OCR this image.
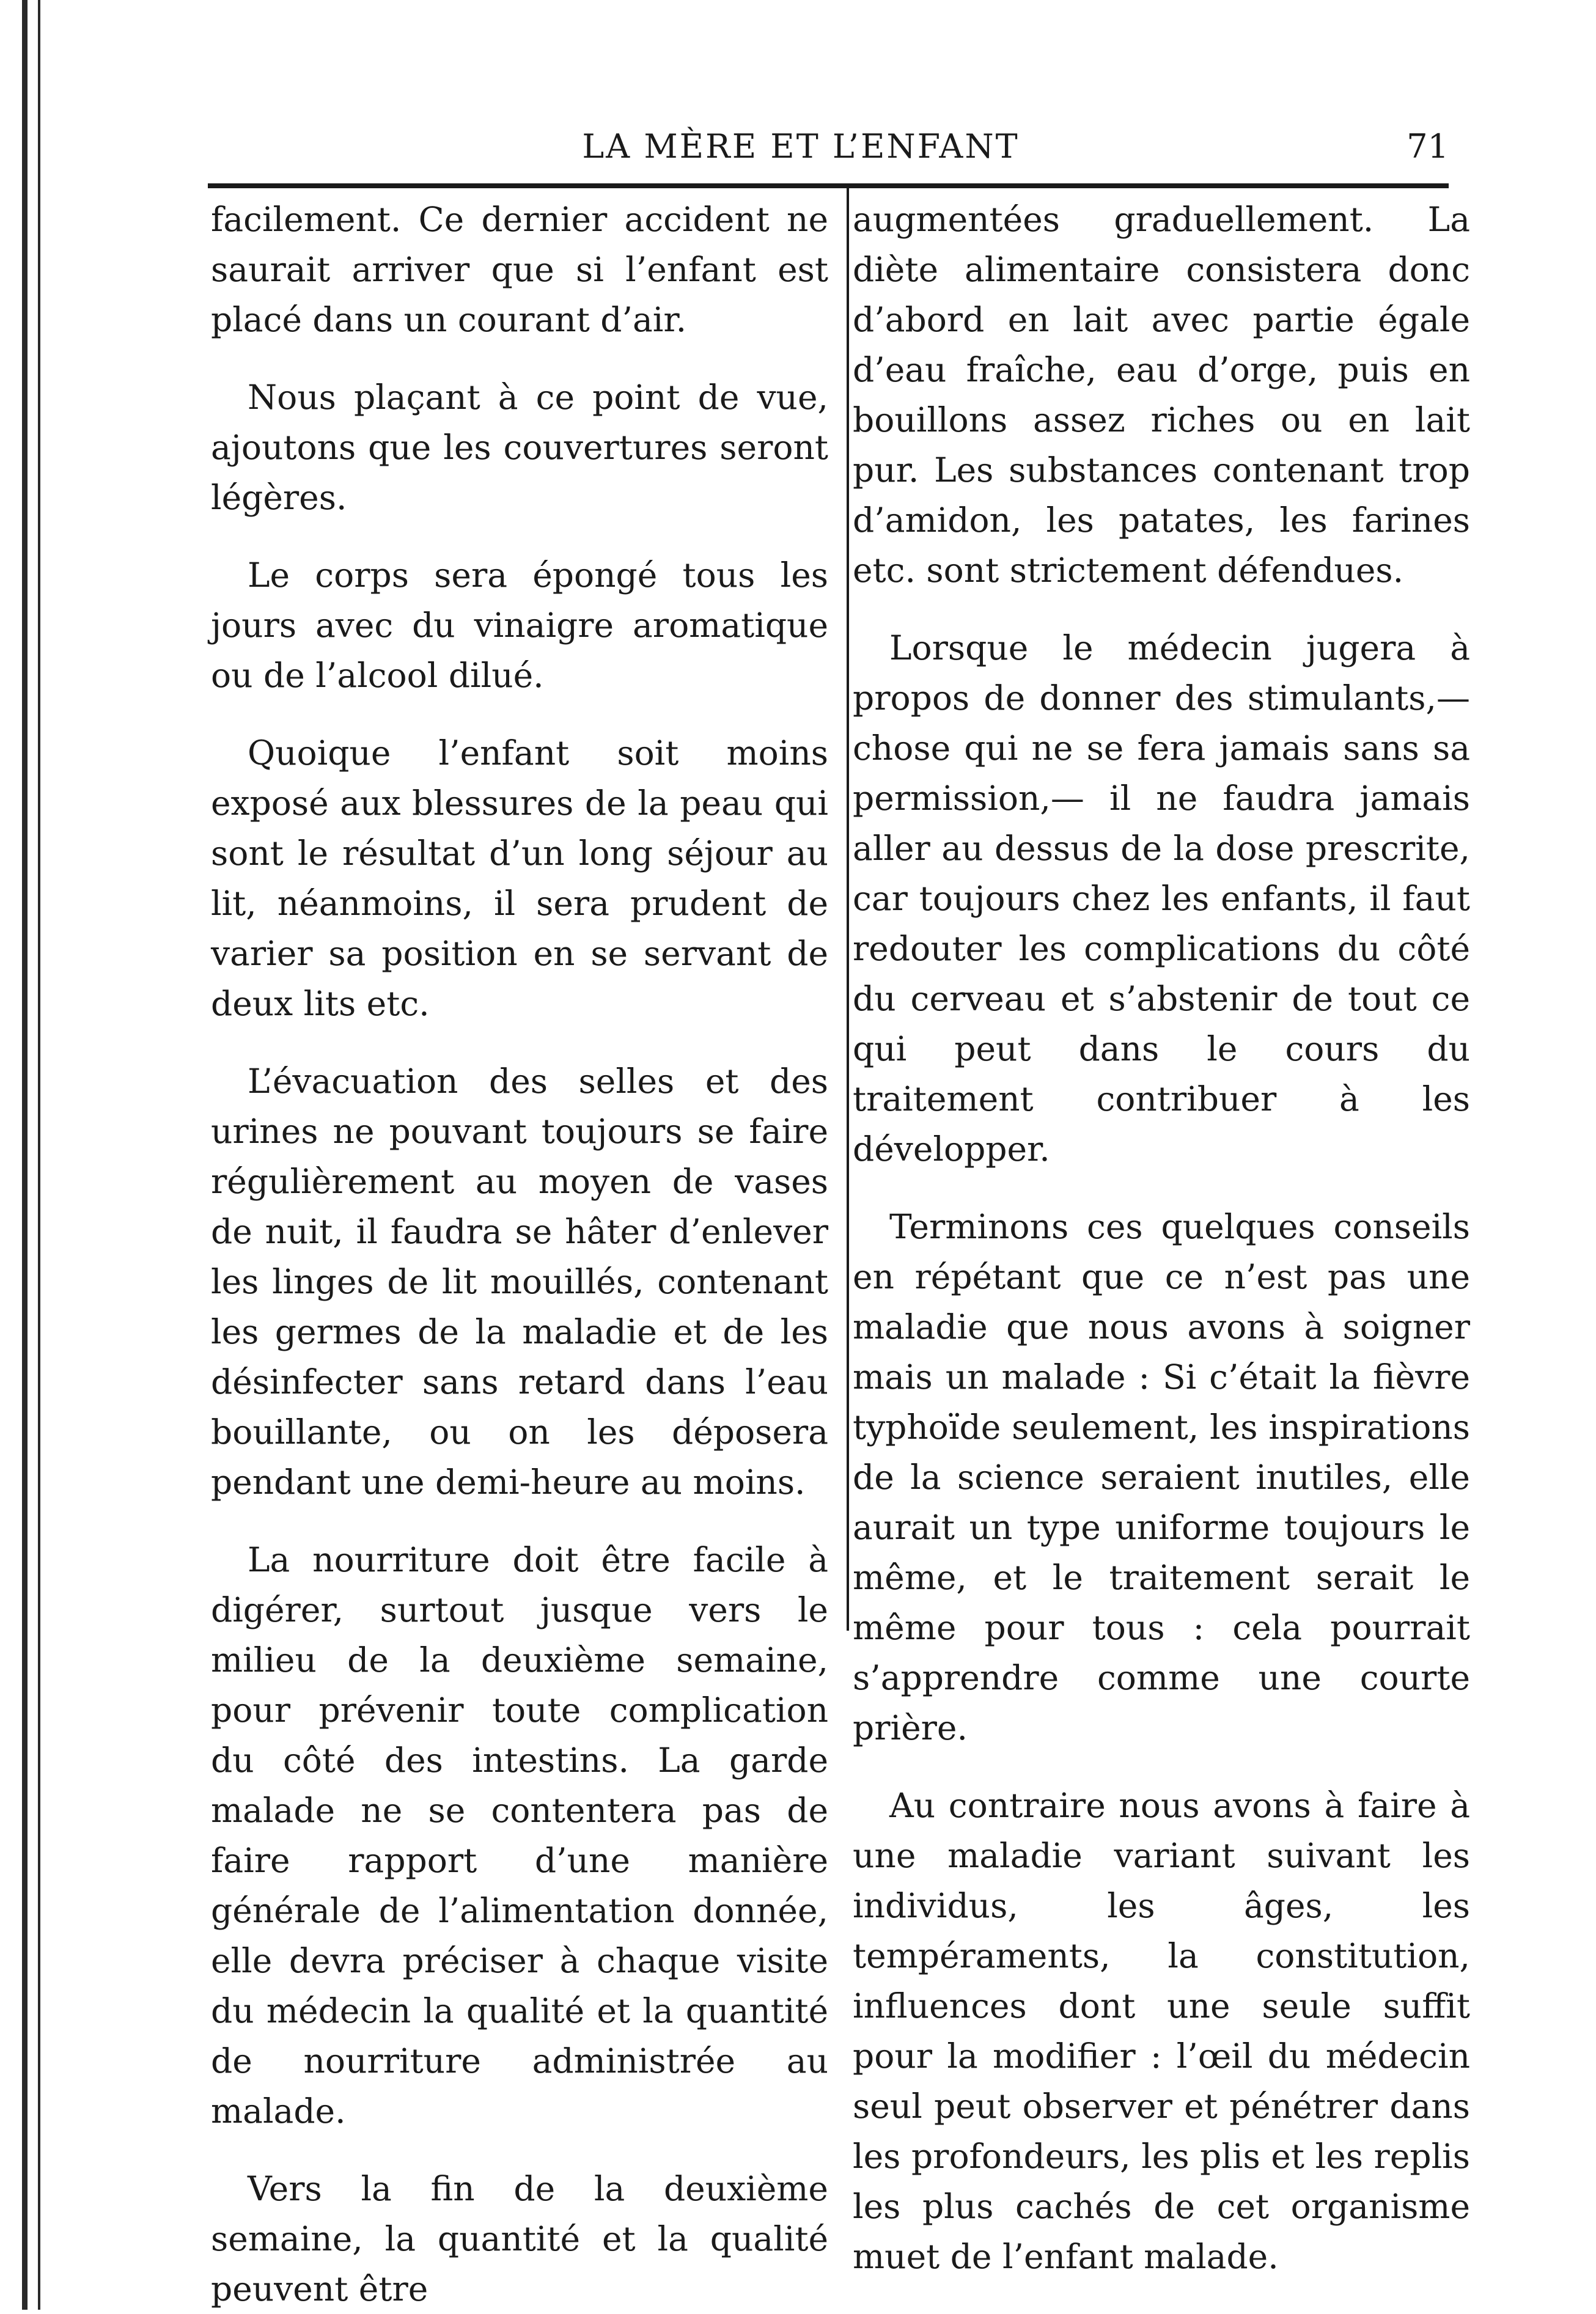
LA MÈRE ET L’ENFANT	71

facilement. Ce dernier accident ne saurait arriver que si l’enfant est placé dans un courant d’air.

Nous plaçant à ce point de vue, ajoutons que les couvertures seront légères.

Le corps sera épongé tous les jours avec du vinaigre aromatique ou de l’alcool dilué.

Quoique l’enfant soit moins exposé aux blessures de la peau qui sont le résultat d’un long séjour au lit, néanmoins, il sera prudent de varier sa position en se servant de deux lits etc.

L’évacuation des selles et des urines ne pouvant toujours se faire régulièrement au moyen de vases de nuit, il faudra se hâter d’enlever les linges de lit mouillés, contenant les germes de la maladie et de les désinfecter sans retard dans l’eau bouillante, ou on les déposera pendant une demi-heure au moins.

La nourriture doit être facile à digérer, surtout jusque vers le milieu de la deuxième semaine, pour prévenir toute complication du côté des intestins. La garde malade ne se contentera pas de faire rapport d’une manière générale de l’alimentation donnée, elle devra préciser à chaque visite du médecin la qualité et la quantité de nourriture administrée au malade.

Vers la fin de la deuxième semaine, la quantité et la qualité peuvent être

augmentées graduellement. La diète alimentaire consistera donc d’abord en lait avec partie égale d’eau fraîche, eau d’orge, puis en bouillons assez riches ou en lait pur. Les substances contenant trop d’amidon, les patates, les farines etc. sont strictement défendues.

Lorsque le médecin jugera à propos de donner des stimulants,—chose qui ne se fera jamais sans sa permission,— il ne faudra jamais aller au dessus de la dose prescrite, car toujours chez les enfants, il faut redouter les complications du côté du cerveau et s’abstenir de tout ce qui peut dans le cours du traitement contribuer à les développer.

Terminons ces quelques conseils en répétant que ce n’est pas une maladie que nous avons à soigner mais un malade : Si c’était la fièvre typhoïde seulement, les inspirations de la science seraient inutiles, elle aurait un type uniforme toujours le même, et le traitement serait le même pour tous : cela pourrait s’apprendre comme une courte prière.

Au contraire nous avons à faire à une maladie variant suivant les individus, les âges, les tempéraments, la constitution, influences dont une seule suffit pour la modifier : l’œil du médecin seul peut observer et pénétrer dans les profondeurs, les plis et les replis les plus cachés de cet organisme muet de l’enfant malade.
